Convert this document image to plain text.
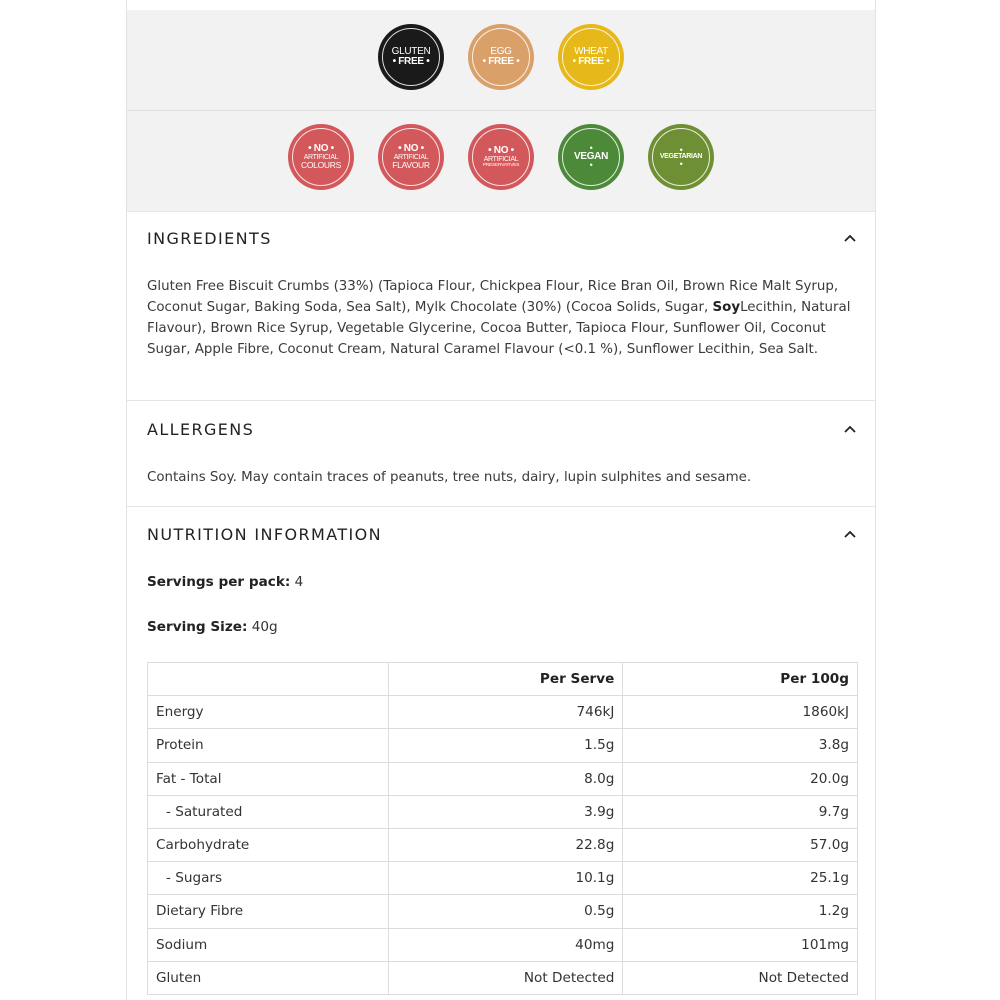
GLUTEN
• FREE •
EGG
• FREE •
WHEAT
• FREE •
• NO •
ARTIFICIAL
COLOURS
• NO •
ARTIFICIAL
FLAVOUR
• NO •
ARTIFICIAL
PRESERVATIVES
•
VEGAN
•
•
VEGETARIAN
•
INGREDIENTS
Gluten Free Biscuit Crumbs (33%) (Tapioca Flour, Chickpea Flour, Rice Bran Oil, Brown Rice Malt Syrup, Coconut Sugar, Baking Soda, Sea Salt), Mylk Chocolate (30%) (Cocoa Solids, Sugar, SoyLecithin, Natural Flavour), Brown Rice Syrup, Vegetable Glycerine, Cocoa Butter, Tapioca Flour, Sunflower Oil, Coconut Sugar, Apple Fibre, Coconut Cream, Natural Caramel Flavour (<0.1 %), Sunflower Lecithin, Sea Salt.
ALLERGENS
Contains Soy. May contain traces of peanuts, tree nuts, dairy, lupin sulphites and sesame.
NUTRITION INFORMATION
Servings per pack: 4
Serving Size: 40g
	Per Serve	Per 100g
Energy	746kJ	1860kJ
Protein	1.5g	3.8g
Fat - Total	8.0g	20.0g
- Saturated	3.9g	9.7g
Carbohydrate	22.8g	57.0g
- Sugars	10.1g	25.1g
Dietary Fibre	0.5g	1.2g
Sodium	40mg	101mg
Gluten	Not Detected	Not Detected
